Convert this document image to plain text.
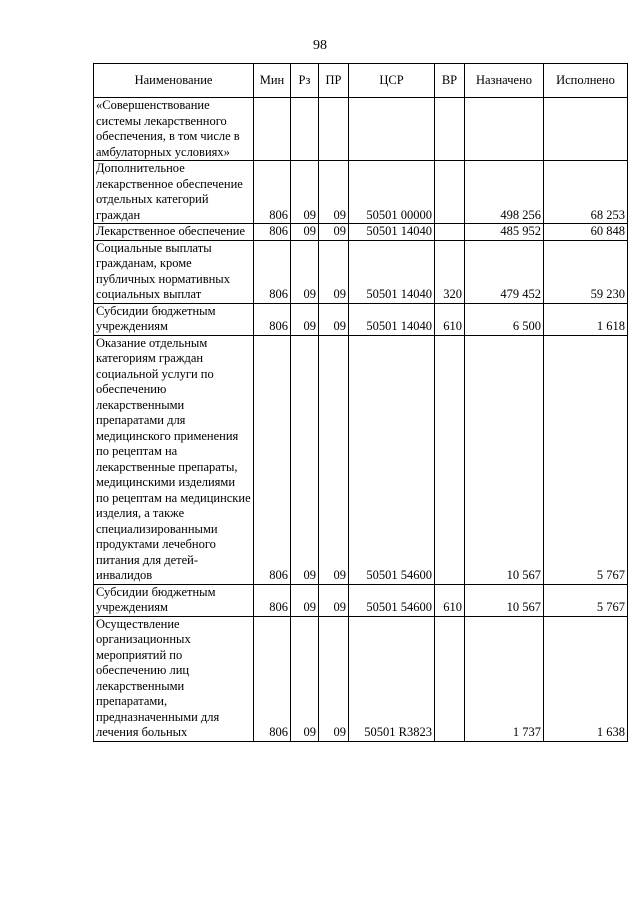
98
Наименование	Мин	Рз	ПР	ЦСР	ВР	Назначено	Исполнено
«Совершенствование системы лекарственного обеспечения, в том числе в амбулаторных условиях»							
Дополнительное лекарственное обеспечение отдельных категорий граждан	806	09	09	50501 00000		498 256	68 253
Лекарственное обеспечение	806	09	09	50501 14040		485 952	60 848
Социальные выплаты гражданам, кроме публичных нормативных социальных выплат	806	09	09	50501 14040	320	479 452	59 230
Субсидии бюджетным учреждениям	806	09	09	50501 14040	610	6 500	1 618
Оказание отдельным категориям граждан социальной услуги по обеспечению лекарственными препаратами для медицинского применения по рецептам на лекарственные препараты, медицинскими изделиями по рецептам на медицинские изделия, а также специализированными продуктами лечебного питания для детей-инвалидов	806	09	09	50501 54600		10 567	5 767
Субсидии бюджетным учреждениям	806	09	09	50501 54600	610	10 567	5 767
Осуществление организационных мероприятий по обеспечению лиц лекарственными препаратами, предназначенными для лечения больных	806	09	09	50501 R3823		1 737	1 638
